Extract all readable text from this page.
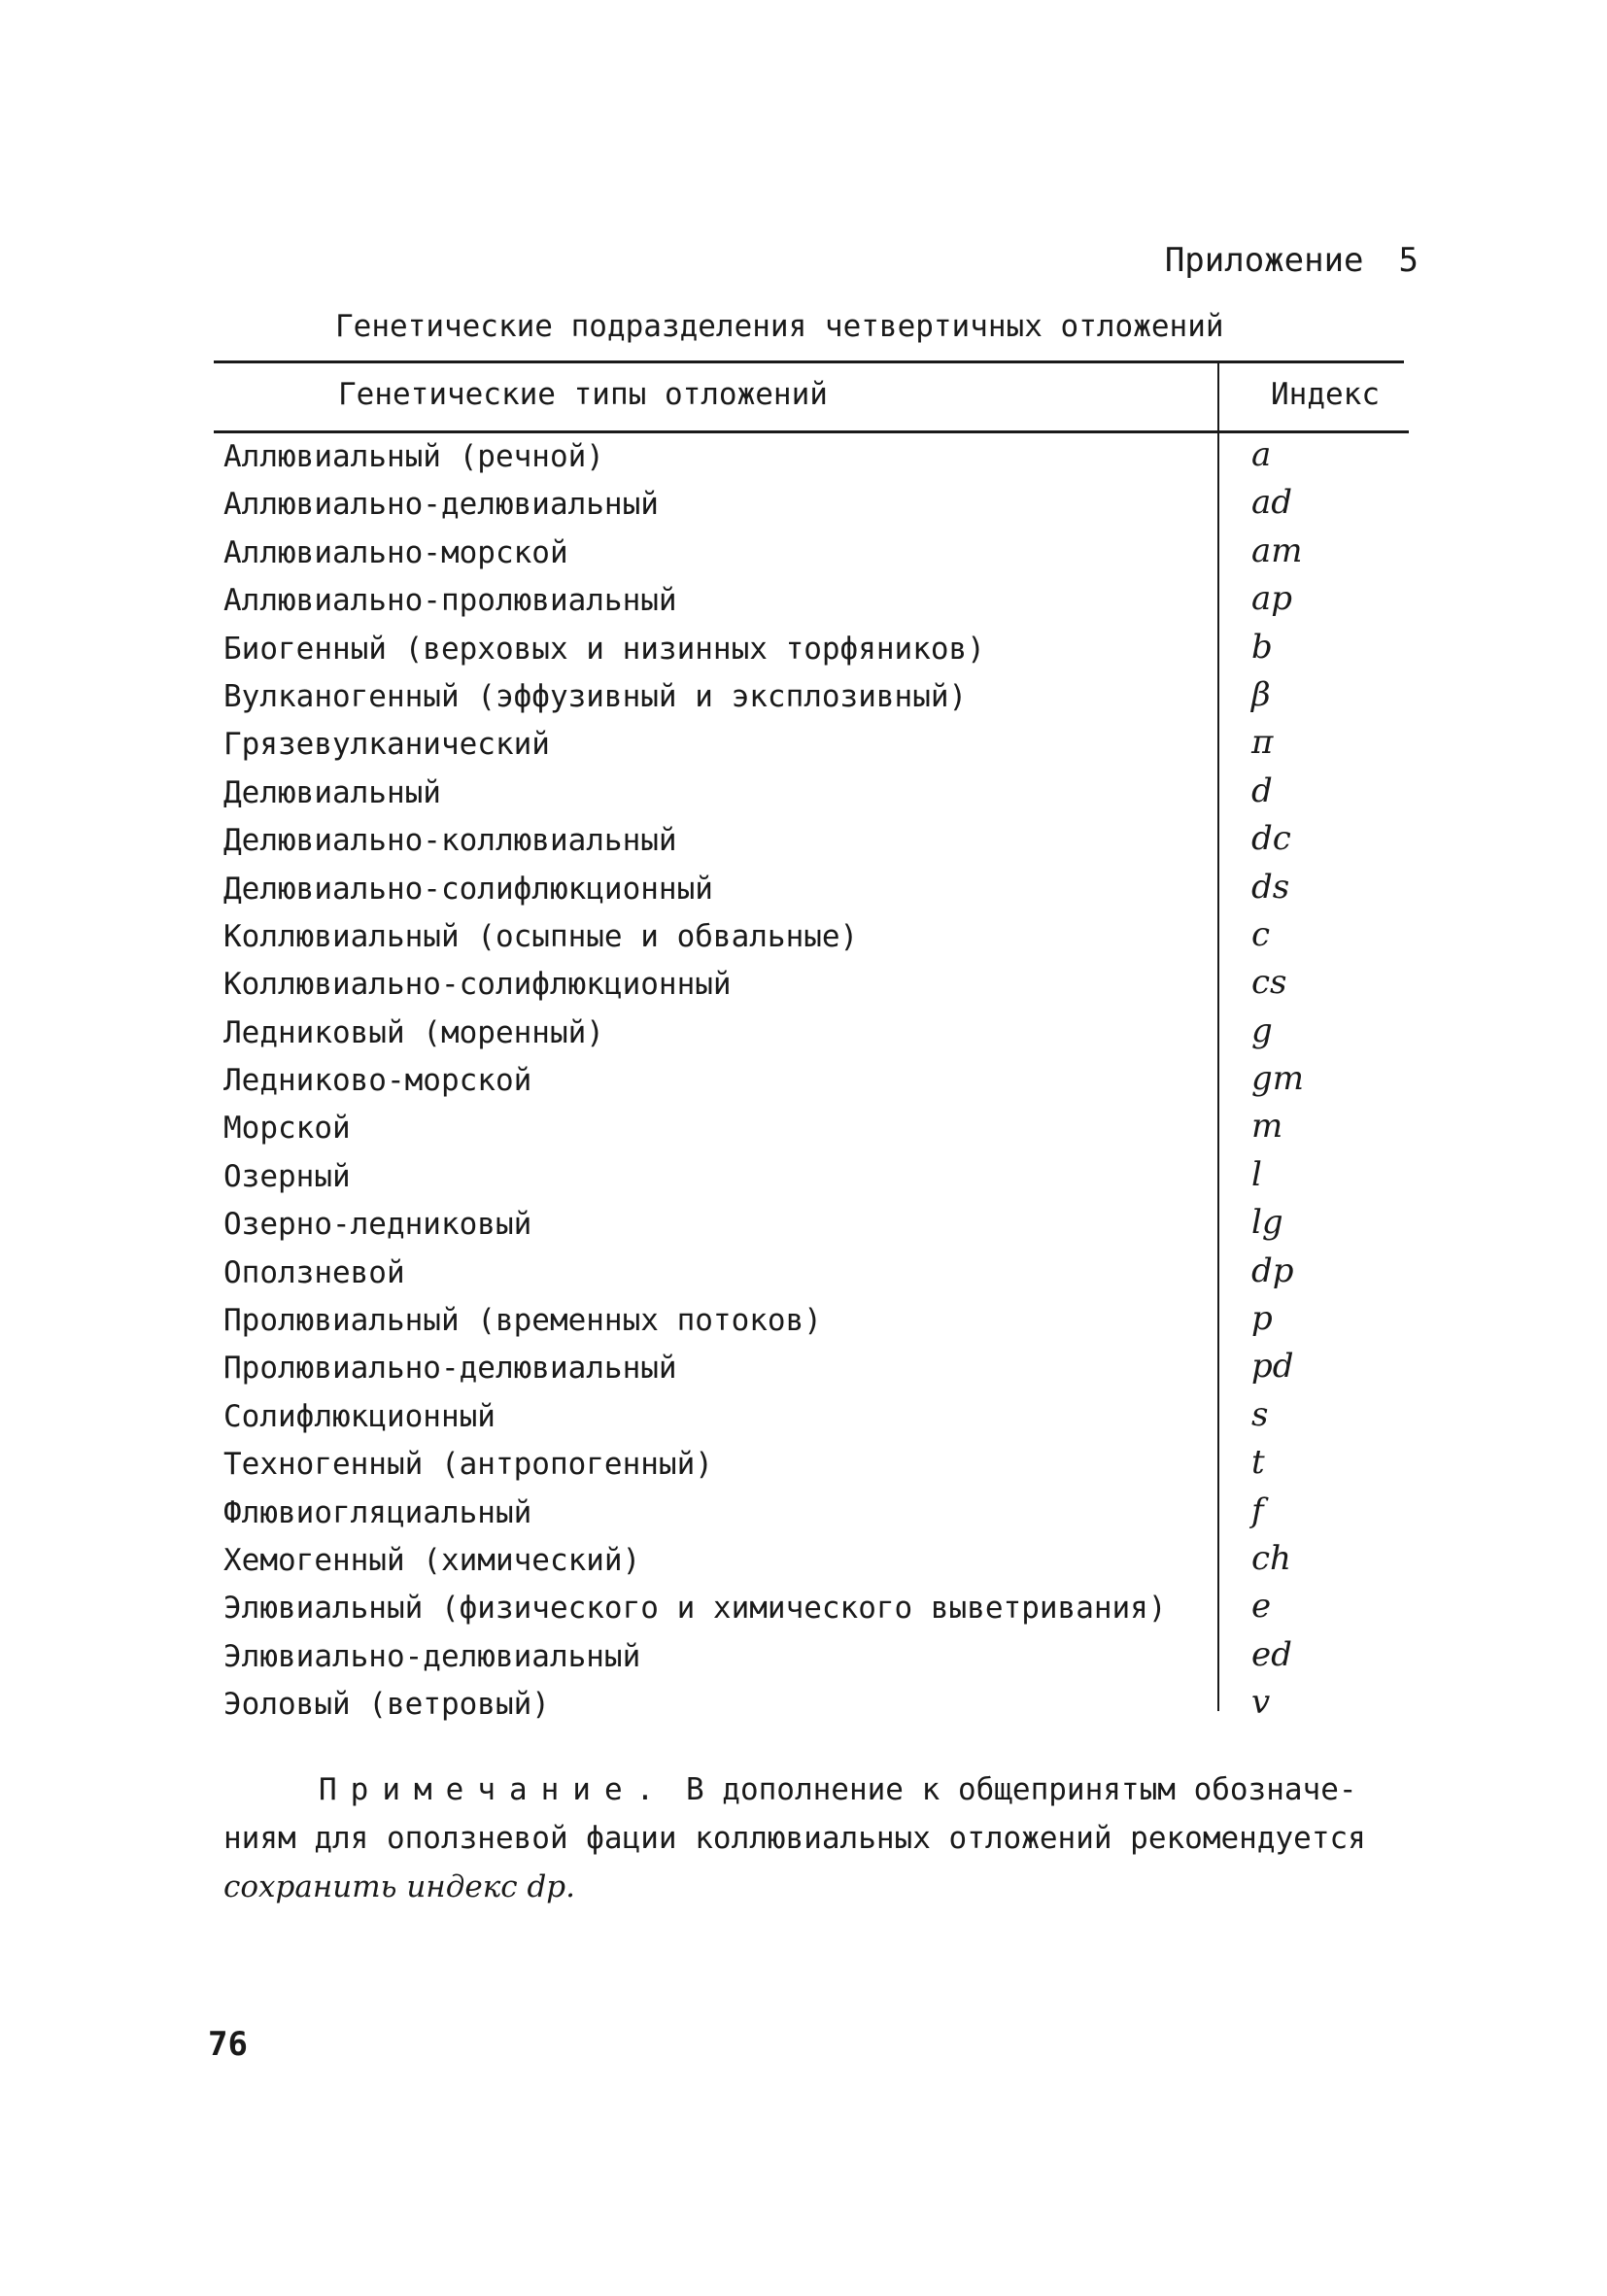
Приложение 5
Генетические подразделения четвертичных отложений
Генетические типы отложений	Индекс
Аллювиальный (речной)	a
Аллювиально-делювиальный	ad
Аллювиально-морской	am
Аллювиально-пролювиальный	ap
Биогенный (верховых и низинных торфяников)	b
Вулканогенный (эффузивный и эксплозивный)	β
Грязевулканический	π
Делювиальный	d
Делювиально-коллювиальный	dc
Делювиально-солифлюкционный	ds
Коллювиальный (осыпные и обвальные)	c
Коллювиально-солифлюкционный	cs
Ледниковый (моренный)	g
Ледниково-морской	gm
Морской	m
Озерный	l
Озерно-ледниковый	lg
Оползневой	dp
Пролювиальный (временных потоков)	p
Пролювиально-делювиальный	pd
Солифлюкционный	s
Техногенный (антропогенный)	t
Флювиогляциальный	f
Хемогенный (химический)	ch
Элювиальный (физического и химического выветривания)	e
Элювиально-делювиальный	ed
Эоловый (ветровый)	v

Примечание. В дополнение к общепринятым обозначе-

ниям для оползневой фации коллювиальных отложений рекомендуется

сохранить индекс dp.

76
